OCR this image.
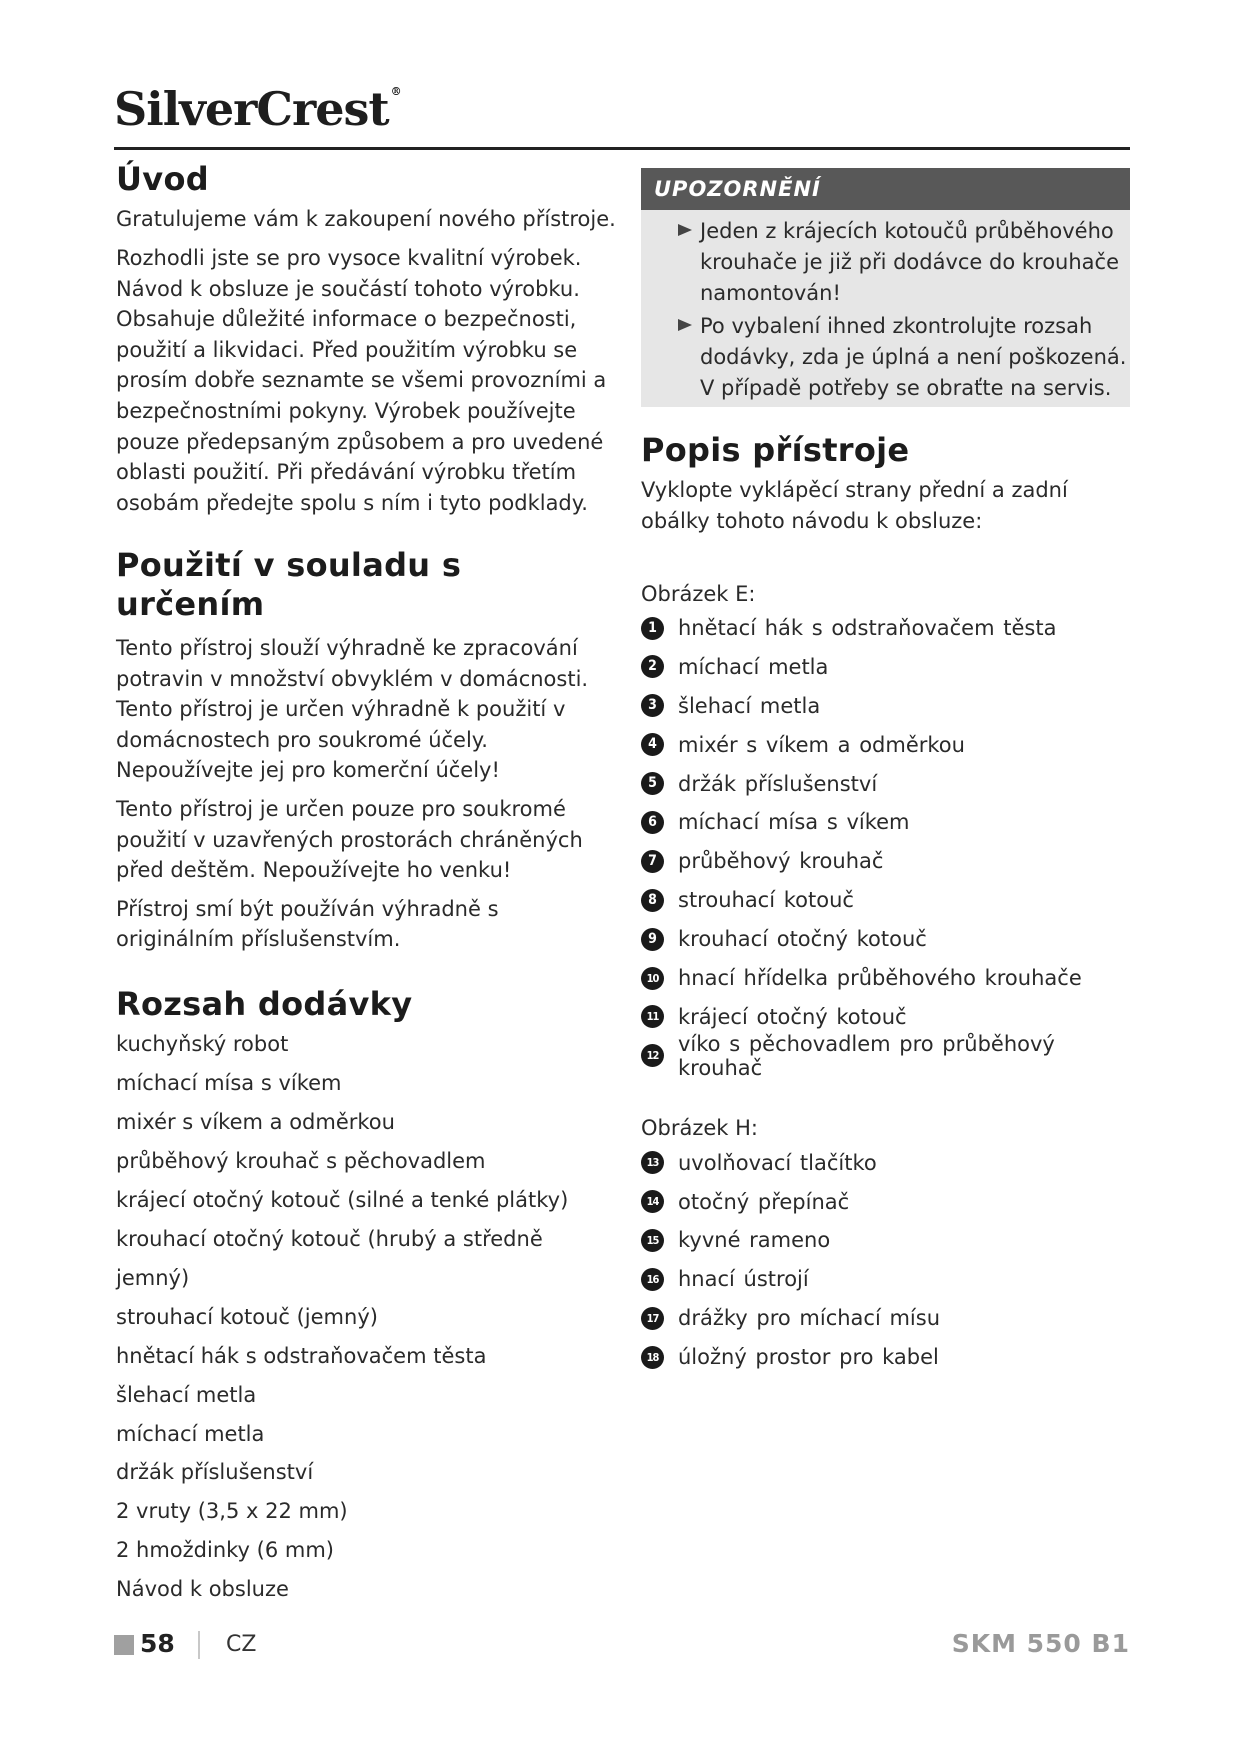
SilverCrest ®
Úvod

Gratulujeme vám k zakoupení nového přístroje.

Rozhodli jste se pro vysoce kvalitní výrobek. Návod k obsluze je součástí tohoto výrobku. Obsahuje důležité informace o bezpečnosti, použití a likvidaci. Před použitím výrobku se prosím dobře seznamte se všemi provozními a bezpečnostními pokyny. Výrobek používejte pouze předepsaným způsobem a pro uvedené oblasti použití. Při předávání výrobku třetím osobám předejte spolu s ním i tyto podklady.

Použití v souladu s určením

Tento přístroj slouží výhradně ke zpracování potravin v množství obvyklém v domácnosti. Tento přístroj je určen výhradně k použití v domácnostech pro soukromé účely. Nepoužívejte jej pro komerční účely!

Tento přístroj je určen pouze pro soukromé použití v uzavřených prostorách chráněných před deštěm. Nepoužívejte ho venku!

Přístroj smí být používán výhradně s originálním příslušenstvím.

Rozsah dodávky
kuchyňský robot
míchací mísa s víkem
mixér s víkem a odměrkou
průběhový krouhač s pěchovadlem
krájecí otočný kotouč (silné a tenké plátky)
krouhací otočný kotouč (hrubý a středně jemný)
strouhací kotouč (jemný)
hnětací hák s odstraňovačem těsta
šlehací metla
míchací metla
držák příslušenství
2 vruty (3,5 x 22 mm)
2 hmoždinky (6 mm)
Návod k obsluze
UPOZORNĚNÍ
Jeden z krájecích kotoučů průběhového krouhače je již při dodávce do krouhače namontován!
Po vybalení ihned zkontrolujte rozsah dodávky, zda je úplná a není poškozená. V případě potřeby se obraťte na servis.
Popis přístroje

Vyklopte vyklápěcí strany přední a zadní obálky tohoto návodu k obsluze:

Obrázek E:
1	hnětací hák s odstraňovačem těsta
2	míchací metla
3	šlehací metla
4	mixér s víkem a odměrkou
5	držák příslušenství
6	míchací mísa s víkem
7	průběhový krouhač
8	strouhací kotouč
9	krouhací otočný kotouč
10 hnací hřídelka průběhového krouhače
11 krájecí otočný kotouč
12 víko s pěchovadlem pro průběhový krouhač
Obrázek H:
13 uvolňovací tlačítko
14 otočný přepínač
15 kyvné rameno
16 hnací ústrojí
17 drážky pro míchací mísu
18 úložný prostor pro kabel
58 CZ	SKM 550 B1
